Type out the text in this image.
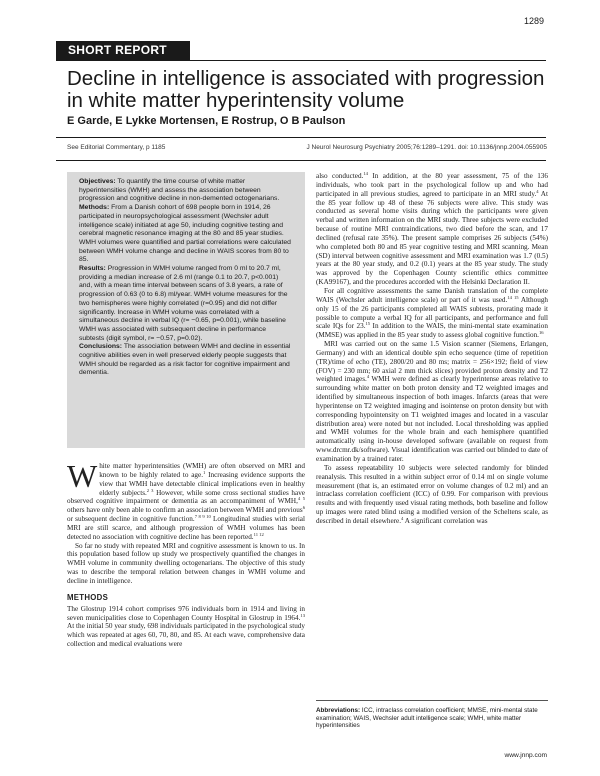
1289
SHORT REPORT
Decline in intelligence is associated with progression in white matter hyperintensity volume
E Garde, E Lykke Mortensen, E Rostrup, O B Paulson
See Editorial Commentary, p 1185	J Neurol Neurosurg Psychiatry 2005;76:1289–1291. doi: 10.1136/jnnp.2004.055905

Objectives: To quantify the time course of white matter hyperintensities (WMH) and assess the association between progression and cognitive decline in non-demented octogenarians.

Methods: From a Danish cohort of 698 people born in 1914, 26 participated in neuropsychological assessment (Wechsler adult intelligence scale) initiated at age 50, including cognitive testing and cerebral magnetic resonance imaging at the 80 and 85 year studies. WMH volumes were quantified and partial correlations were calculated between WMH volume change and decline in WAIS scores from 80 to 85.

Results: Progression in WMH volume ranged from 0 ml to 20.7 ml, providing a median increase of 2.6 ml (range 0.1 to 20.7, p<0.001) and, with a mean time interval between scans of 3.8 years, a rate of progression of 0.63 (0 to 6.8) ml/year. WMH volume measures for the two hemispheres were highly correlated (r=0.95) and did not differ significantly. Increase in WMH volume was correlated with a simultaneous decline in verbal IQ (r= −0.65, p=0.001), while baseline WMH was associated with subsequent decline in performance subtests (digit symbol, r= −0.57, p=0.02).

Conclusions: The association between WMH and decline in essential cognitive abilities even in well preserved elderly people suggests that WMH should be regarded as a risk factor for cognitive impairment and dementia.

White matter hyperintensities (WMH) are often observed on MRI and known to be highly related to age.$^1$ Increasing evidence supports the view that WMH have detectable clinical implications even in healthy elderly subjects.$^{2 3}$ However, while some cross sectional studies have observed cognitive impairment or dementia as an accompaniment of WMH,$^{4 5}$ others have only been able to confirm an association between WMH and previous$^6$ or subsequent decline in cognitive function.$^{7 8 9 10}$ Longitudinal studies with serial MRI are still scarce, and although progression of WMH volumes has been detected no association with cognitive decline has been reported.$^{11 12}$

So far no study with repeated MRI and cognitive assessment is known to us. In this population based follow up study we prospectively quantified the changes in WMH volume in community dwelling octogenarians. The objective of this study was to describe the temporal relation between changes in WMH volume and decline in intelligence.

METHODS

The Glostrup 1914 cohort comprises 976 individuals born in 1914 and living in seven municipalities close to Copenhagen County Hospital in Glostrup in 1964.13 At the initial 50 year study, 698 individuals participated in the psychological study which was repeated at ages 60, 70, 80, and 85. At each wave, comprehensive data collection and medical evaluations were

also conducted.$^{14}$ In addition, at the 80 year assessment, 75 of the 136 individuals, who took part in the psychological follow up and who had participated in all previous studies, agreed to participate in an MRI study.$^4$ At the 85 year follow up 48 of these 76 subjects were alive. This study was conducted as several home visits during which the participants were given verbal and written information on the MRI study. Three subjects were excluded because of routine MRI contraindications, two died before the scan, and 17 declined (refusal rate 35%). The present sample comprises 26 subjects (54%) who completed both 80 and 85 year cognitive testing and MRI scanning. Mean (SD) interval between cognitive assessment and MRI examination was 1.7 (0.5) years at the 80 year study, and 0.2 (0.1) years at the 85 year study. The study was approved by the Copenhagen County scientific ethics committee (KA99167), and the procedures accorded with the Helsinki Declaration II.

For all cognitive assessments the same Danish translation of the complete WAIS (Wechsler adult intelligence scale) or part of it was used.$^{14 15}$ Although only 15 of the 26 participants completed all WAIS subtests, prorating made it possible to compute a verbal IQ for all participants, and performance and full scale IQs for 23.15 In addition to the WAIS, the mini-mental state examination (MMSE) was applied in the 85 year study to assess global cognitive function.$^{16}$

MRI was carried out on the same 1.5 Vision scanner (Siemens, Erlangen, Germany) and with an identical double spin echo sequence (time of repetition (TR)/time of echo (TE), 2800/20 and 80 ms; matrix = 256×192; field of view (FOV) = 230 mm; 60 axial 2 mm thick slices) provided proton density and T2 weighted images.$^4$ WMH were defined as clearly hyperintense areas relative to surrounding white matter on both proton density and T2 weighted images and identified by simultaneous inspection of both images. Infarcts (areas that were hyperintense on T2 weighted imaging and isointense on proton density but with corresponding hypointensity on T1 weighted images and located in a vascular distribution area) were noted but not included. Local thresholding was applied and WMH volumes for the whole brain and each hemisphere quantified automatically using in-house developed software (available on request from www.drcmr.dk/software). Visual identification was carried out blinded to date of examination by a trained rater.

To assess repeatability 10 subjects were selected randomly for blinded reanalysis. This resulted in a within subject error of 0.14 ml on single volume measurement (that is, an estimated error on volume changes of 0.2 ml) and an intraclass correlation coefficient (ICC) of 0.99. For comparison with previous results and with frequently used visual rating methods, both baseline and follow up images were rated blind using a modified version of the Scheltens scale, as described in detail elsewhere.$^4$ A significant correlation was

Abbreviations: ICC, intraclass correlation coefficient; MMSE, mini-mental state examination; WAIS, Wechsler adult intelligence scale; WMH, white matter hyperintensities
www.jnnp.com
